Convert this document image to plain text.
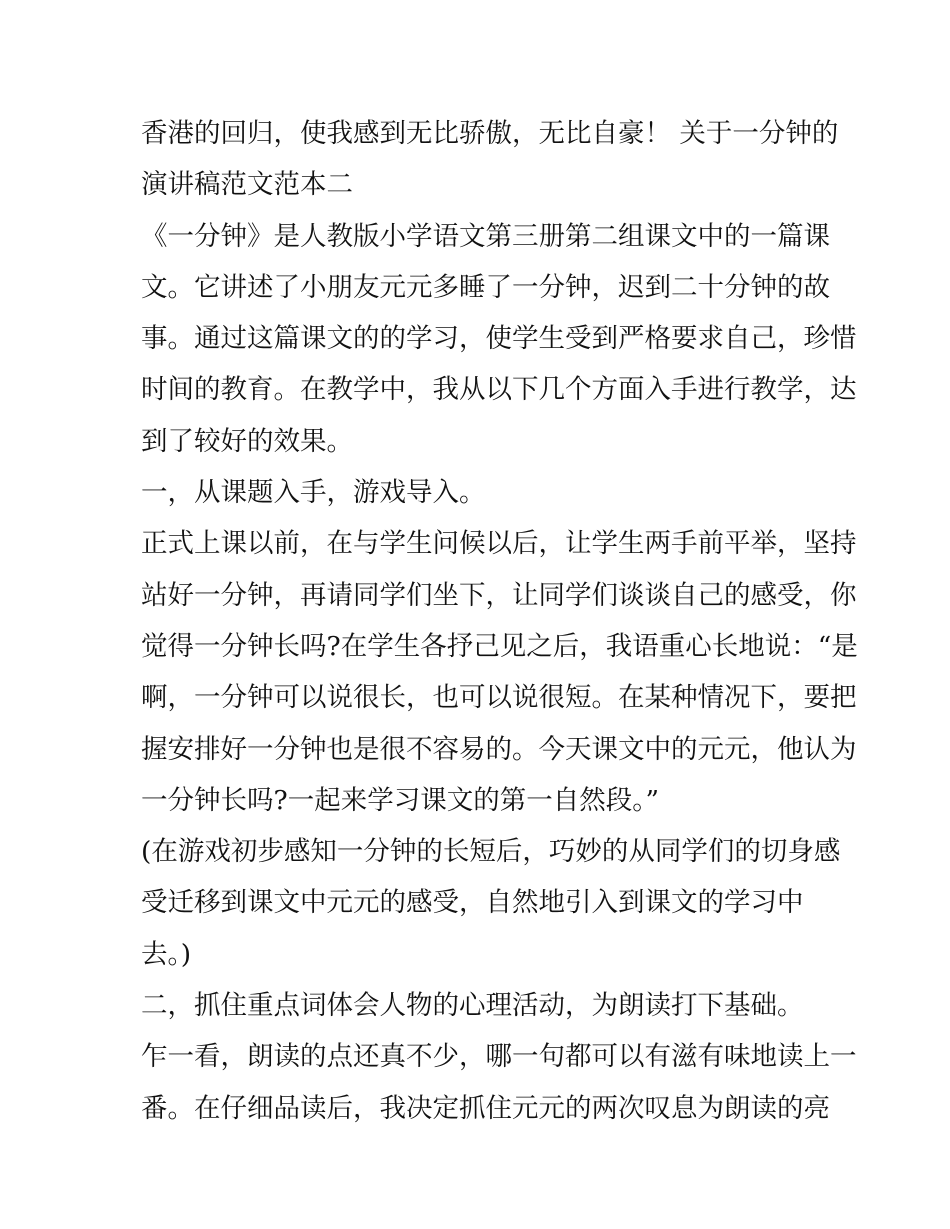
香港的回归，使我感到无比骄傲，无比自豪！ 关于一分钟的
演讲稿范文范本二
《一分钟》是人教版小学语文第三册第二组课文中的一篇课
文。它讲述了小朋友元元多睡了一分钟，迟到二十分钟的故
事。通过这篇课文的的学习，使学生受到严格要求自己，珍惜
时间的教育。在教学中，我从以下几个方面入手进行教学，达
到了较好的效果。
一，从课题入手，游戏导入。
正式上课以前，在与学生问候以后，让学生两手前平举，坚持
站好一分钟，再请同学们坐下，让同学们谈谈自己的感受，你
觉得一分钟长吗?在学生各抒己见之后，我语重心长地说：“是
啊，一分钟可以说很长，也可以说很短。在某种情况下，要把
握安排好一分钟也是很不容易的。今天课文中的元元，他认为
一分钟长吗?一起来学习课文的第一自然段。”
(在游戏初步感知一分钟的长短后，巧妙的从同学们的切身感
受迁移到课文中元元的感受，自然地引入到课文的学习中
去。)
二，抓住重点词体会人物的心理活动，为朗读打下基础。
乍一看，朗读的点还真不少，哪一句都可以有滋有味地读上一
番。在仔细品读后，我决定抓住元元的两次叹息为朗读的亮
